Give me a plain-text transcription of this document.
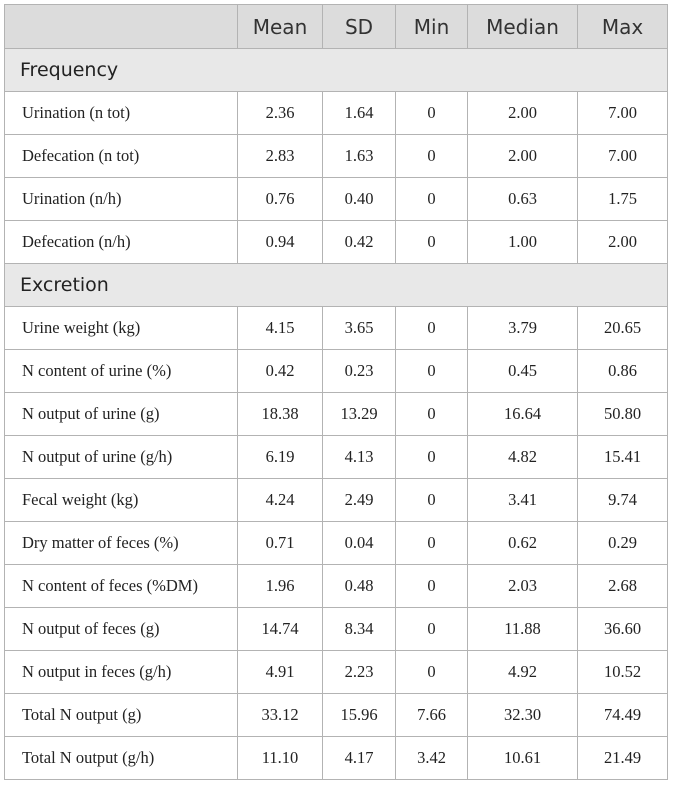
	Mean	SD	Min	Median	Max
Frequency					
Urination (n tot)	2.36	1.64	0	2.00	7.00
Defecation (n tot)	2.83	1.63	0	2.00	7.00
Urination (n/h)	0.76	0.40	0	0.63	1.75
Defecation (n/h)	0.94	0.42	0	1.00	2.00
Excretion					
Urine weight (kg)	4.15	3.65	0	3.79	20.65
N content of urine (%)	0.42	0.23	0	0.45	0.86
N output of urine (g)	18.38	13.29	0	16.64	50.80
N output of urine (g/h)	6.19	4.13	0	4.82	15.41
Fecal weight (kg)	4.24	2.49	0	3.41	9.74
Dry matter of feces (%)	0.71	0.04	0	0.62	0.29
N content of feces (%DM)	1.96	0.48	0	2.03	2.68
N output of feces (g)	14.74	8.34	0	11.88	36.60
N output in feces (g/h)	4.91	2.23	0	4.92	10.52
Total N output (g)	33.12	15.96	7.66	32.30	74.49
Total N output (g/h)	11.10	4.17	3.42	10.61	21.49
